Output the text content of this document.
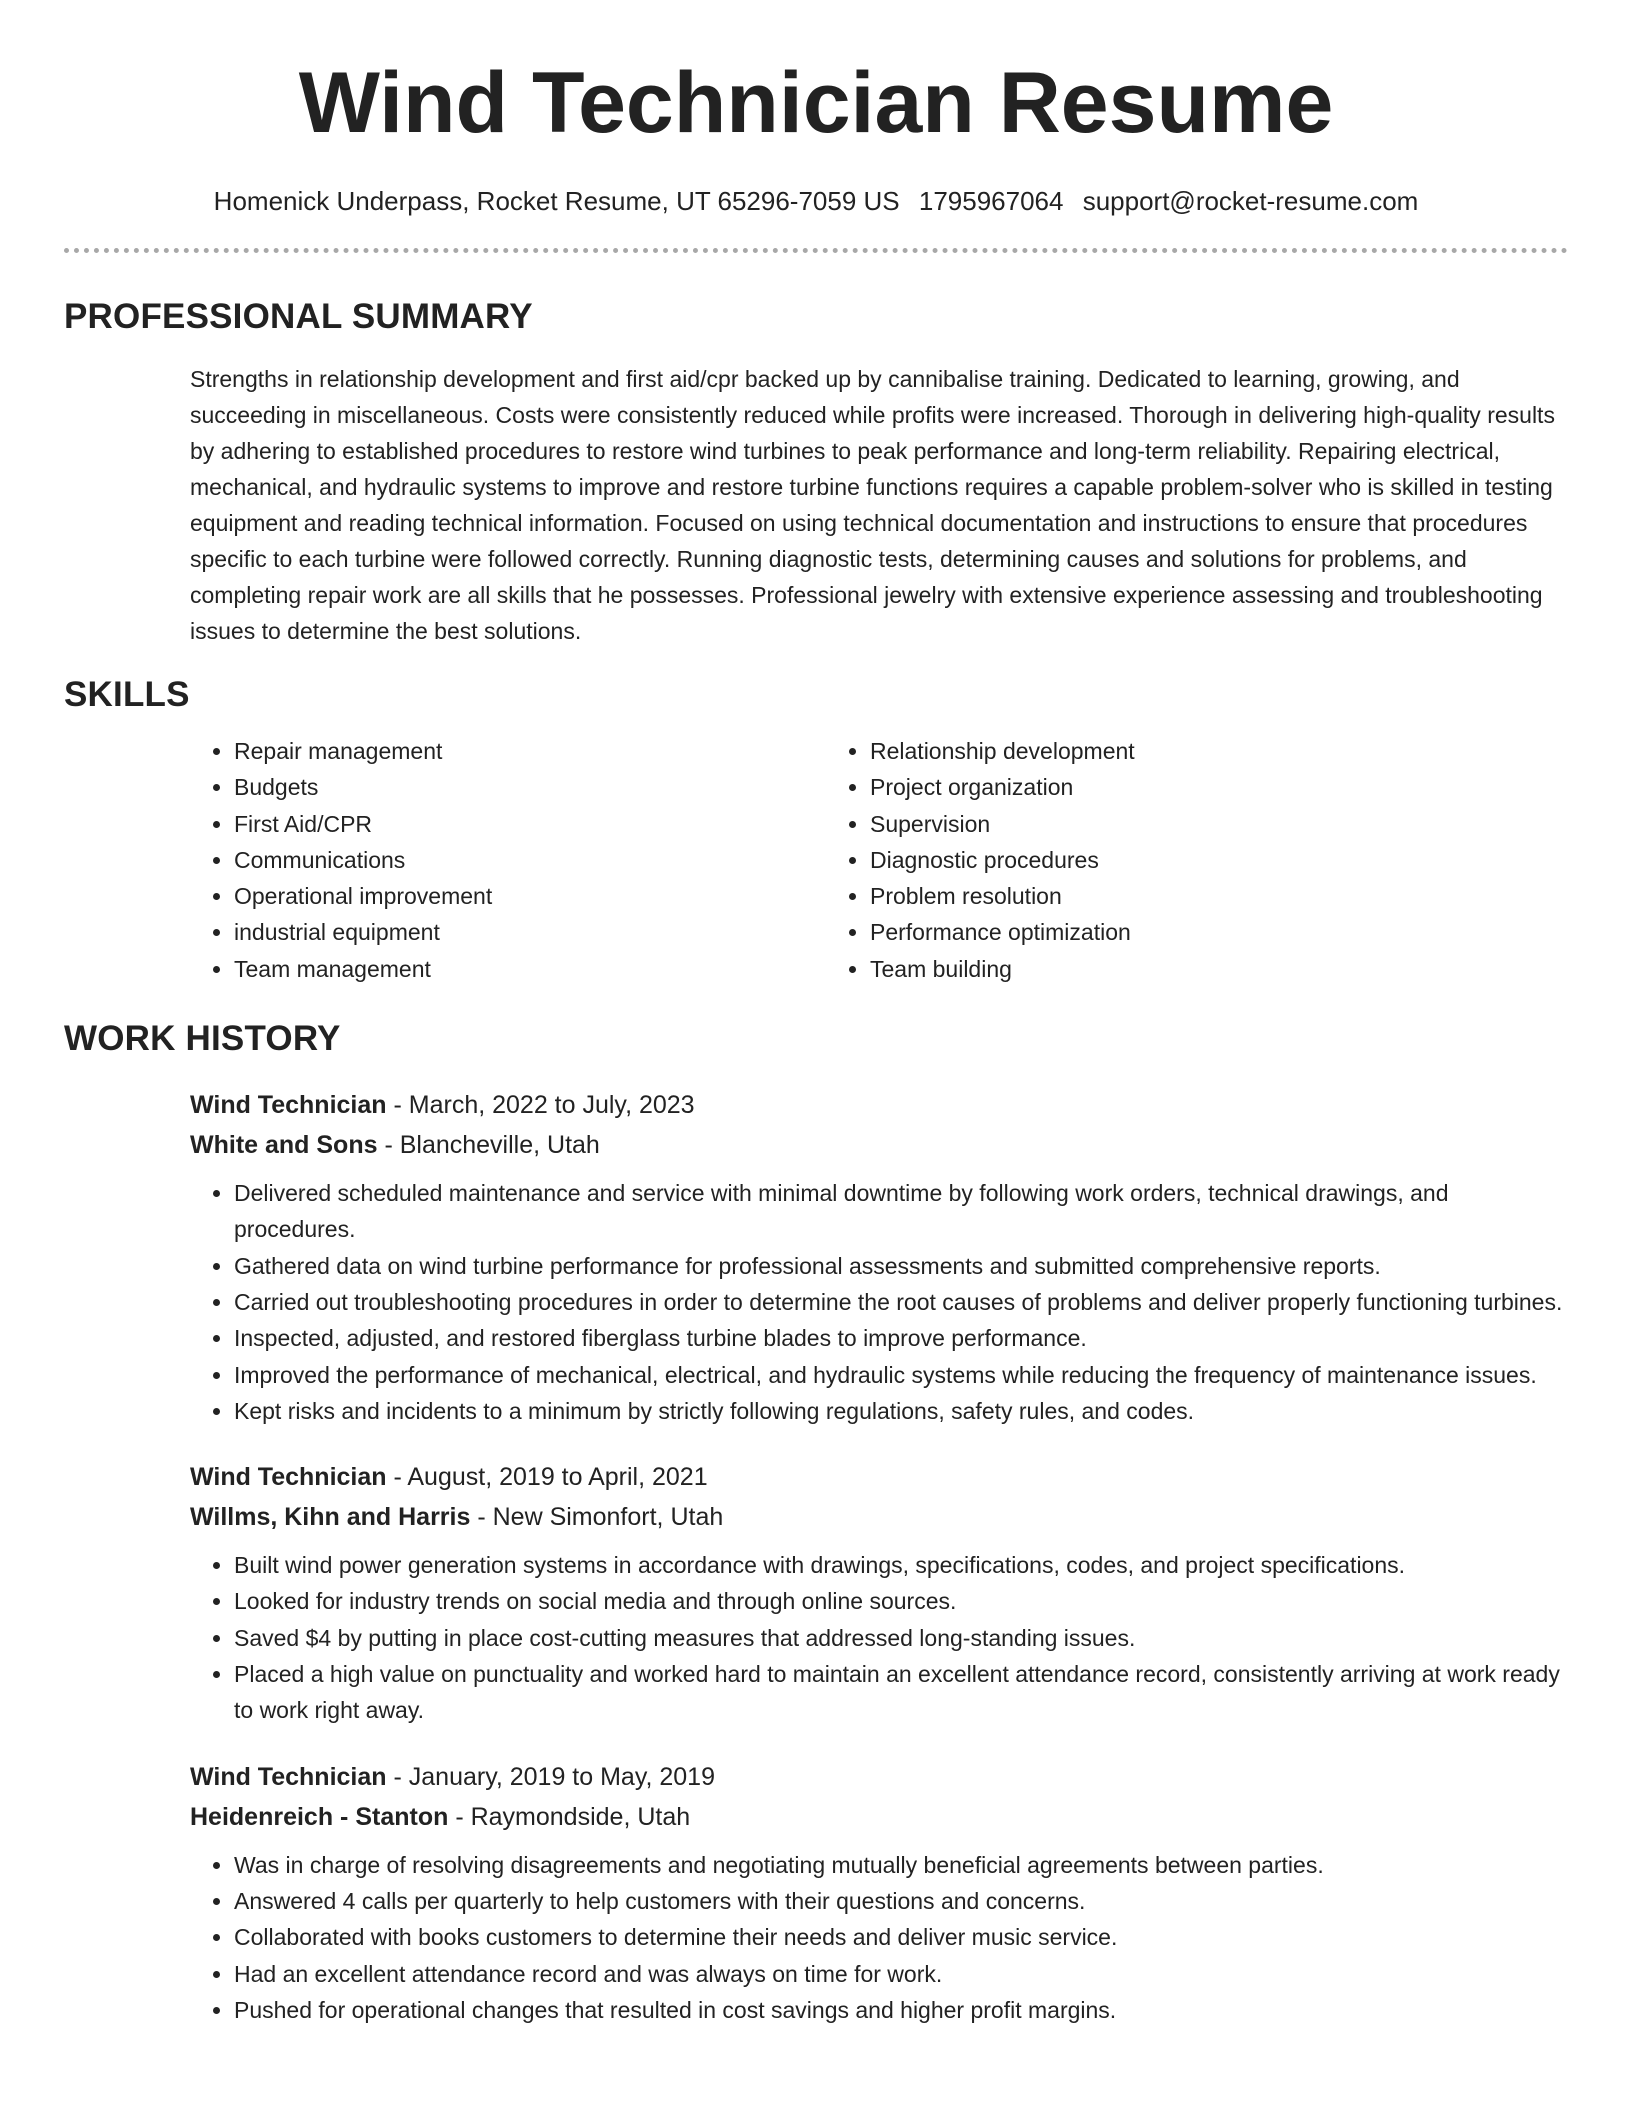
Wind Technician Resume
Homenick Underpass, Rocket Resume, UT 65296-7059 US 1795967064 support@rocket-resume.com
PROFESSIONAL SUMMARY
Strengths in relationship development and first aid/cpr backed up by cannibalise training. Dedicated to learning, growing, and succeeding in miscellaneous. Costs were consistently reduced while profits were increased. Thorough in delivering high-quality results by adhering to established procedures to restore wind turbines to peak performance and long-term reliability. Repairing electrical, mechanical, and hydraulic systems to improve and restore turbine functions requires a capable problem-solver who is skilled in testing equipment and reading technical information. Focused on using technical documentation and instructions to ensure that procedures specific to each turbine were followed correctly. Running diagnostic tests, determining causes and solutions for problems, and completing repair work are all skills that he possesses. Professional jewelry with extensive experience assessing and troubleshooting issues to determine the best solutions.
SKILLS
• Repair management
• Budgets
• First Aid/CPR
• Communications
• Operational improvement
• industrial equipment
• Team management
• Relationship development
• Project organization
• Supervision
• Diagnostic procedures
• Problem resolution
• Performance optimization
• Team building
WORK HISTORY
Wind Technician - March, 2022 to July, 2023
White and Sons - Blancheville, Utah
• Delivered scheduled maintenance and service with minimal downtime by following work orders, technical drawings, and procedures.
• Gathered data on wind turbine performance for professional assessments and submitted comprehensive reports.
• Carried out troubleshooting procedures in order to determine the root causes of problems and deliver properly functioning turbines.
• Inspected, adjusted, and restored fiberglass turbine blades to improve performance.
• Improved the performance of mechanical, electrical, and hydraulic systems while reducing the frequency of maintenance issues.
• Kept risks and incidents to a minimum by strictly following regulations, safety rules, and codes.
Wind Technician - August, 2019 to April, 2021
Willms, Kihn and Harris - New Simonfort, Utah
• Built wind power generation systems in accordance with drawings, specifications, codes, and project specifications.
• Looked for industry trends on social media and through online sources.
• Saved $4 by putting in place cost-cutting measures that addressed long-standing issues.
• Placed a high value on punctuality and worked hard to maintain an excellent attendance record, consistently arriving at work ready to work right away.
Wind Technician - January, 2019 to May, 2019
Heidenreich - Stanton - Raymondside, Utah
• Was in charge of resolving disagreements and negotiating mutually beneficial agreements between parties.
• Answered 4 calls per quarterly to help customers with their questions and concerns.
• Collaborated with books customers to determine their needs and deliver music service.
• Had an excellent attendance record and was always on time for work.
• Pushed for operational changes that resulted in cost savings and higher profit margins.
